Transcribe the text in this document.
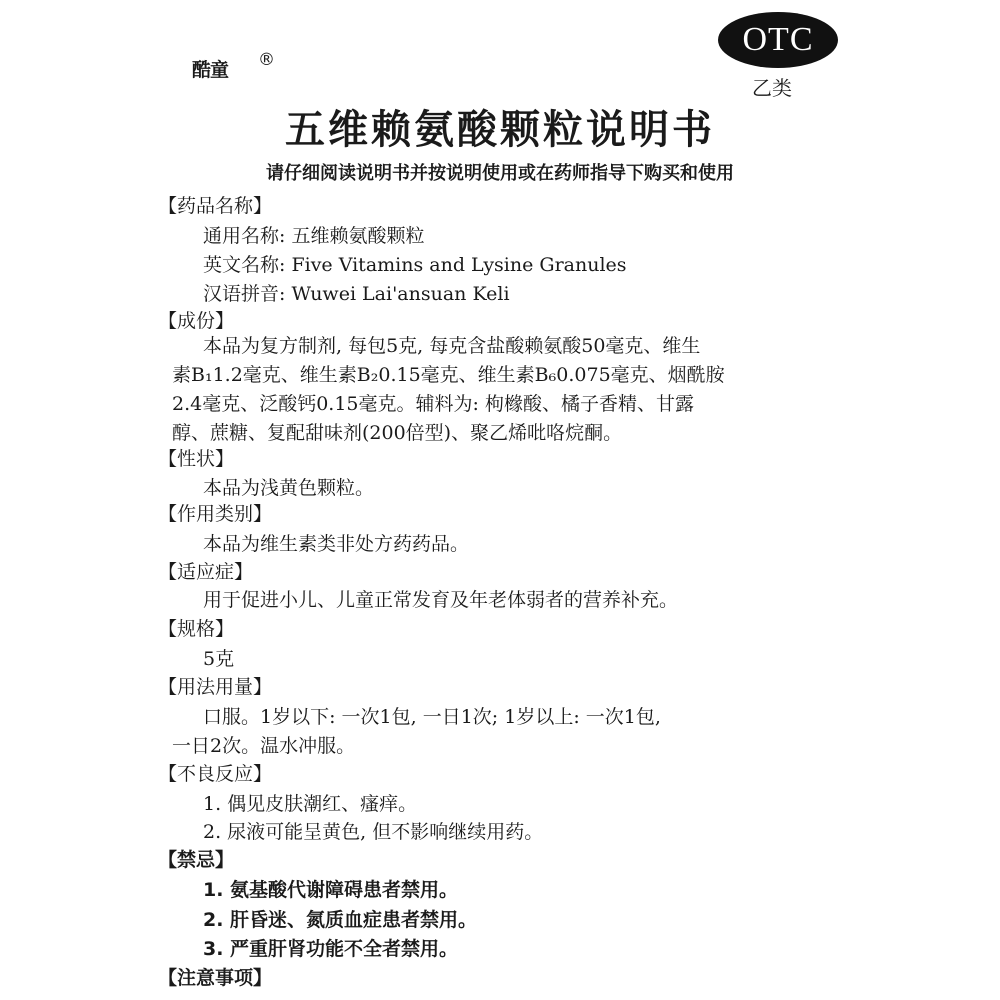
酷童 ®
OTC
乙类
五维赖氨酸颗粒说明书
请仔细阅读说明书并按说明使用或在药师指导下购买和使用
【药品名称】
通用名称: 五维赖氨酸颗粒
英文名称: Five Vitamins and Lysine Granules
汉语拼音: Wuwei Lai'ansuan Keli
【成份】
本品为复方制剂, 每包5克, 每克含盐酸赖氨酸50毫克、维生
素B₁1.2毫克、维生素B₂0.15毫克、维生素B₆0.075毫克、烟酰胺
2.4毫克、泛酸钙0.15毫克。辅料为: 枸橼酸、橘子香精、甘露
醇、蔗糖、复配甜味剂(200倍型)、聚乙烯吡咯烷酮。
【性状】
本品为浅黄色颗粒。
【作用类别】
本品为维生素类非处方药药品。
【适应症】
用于促进小儿、儿童正常发育及年老体弱者的营养补充。
【规格】
5克
【用法用量】
口服。1岁以下: 一次1包, 一日1次; 1岁以上: 一次1包,
一日2次。温水冲服。
【不良反应】
1. 偶见皮肤潮红、瘙痒。
2. 尿液可能呈黄色, 但不影响继续用药。
【禁忌】
1. 氨基酸代谢障碍患者禁用。
2. 肝昏迷、氮质血症患者禁用。
3. 严重肝肾功能不全者禁用。
【注意事项】
